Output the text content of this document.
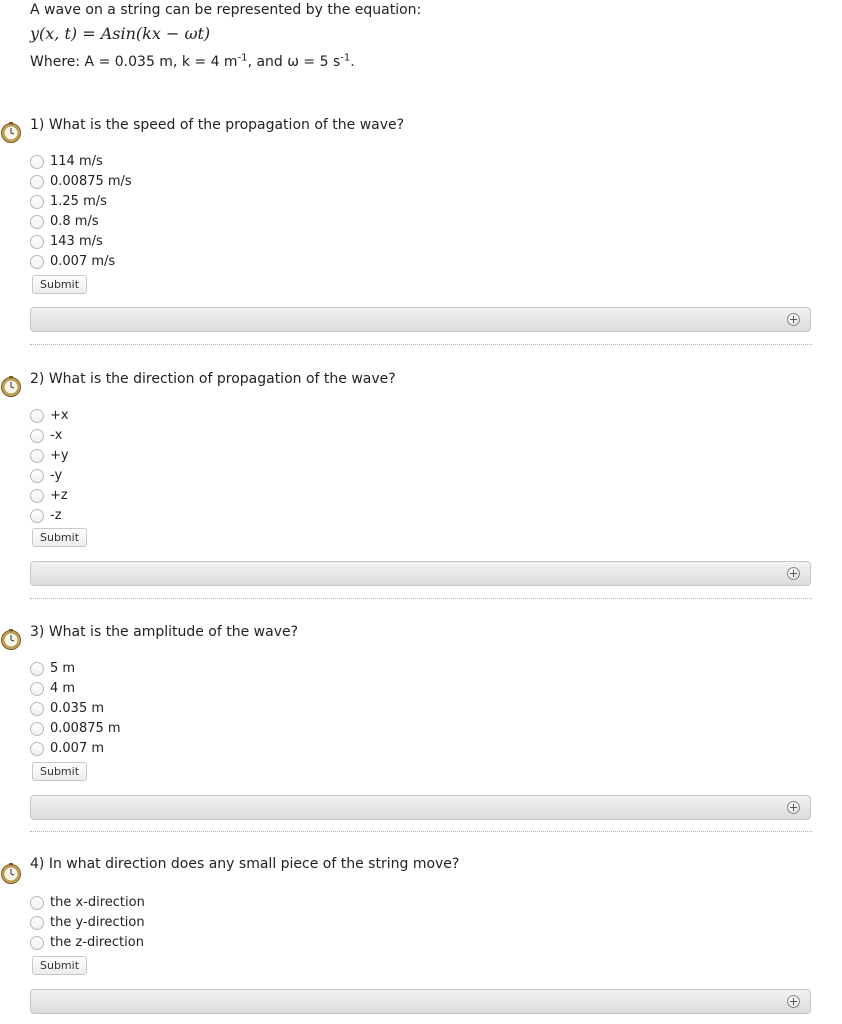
A wave on a string can be represented by the equation:
y(x, t) = Asin(kx − ωt)
Where: A = 0.035 m, k = 4 $m^{-1}$, and ω = 5 $s^{-1}$.
1) What is the speed of the propagation of the wave?
114 m/s
0.00875 m/s
1.25 m/s
0.8 m/s
143 m/s
0.007 m/s
Submit
2) What is the direction of propagation of the wave?
+x
-x
+y
-y
+z
-z
Submit
3) What is the amplitude of the wave?
5 m
4 m
0.035 m
0.00875 m
0.007 m
Submit
4) In what direction does any small piece of the string move?
the x-direction
the y-direction
the z-direction
Submit
